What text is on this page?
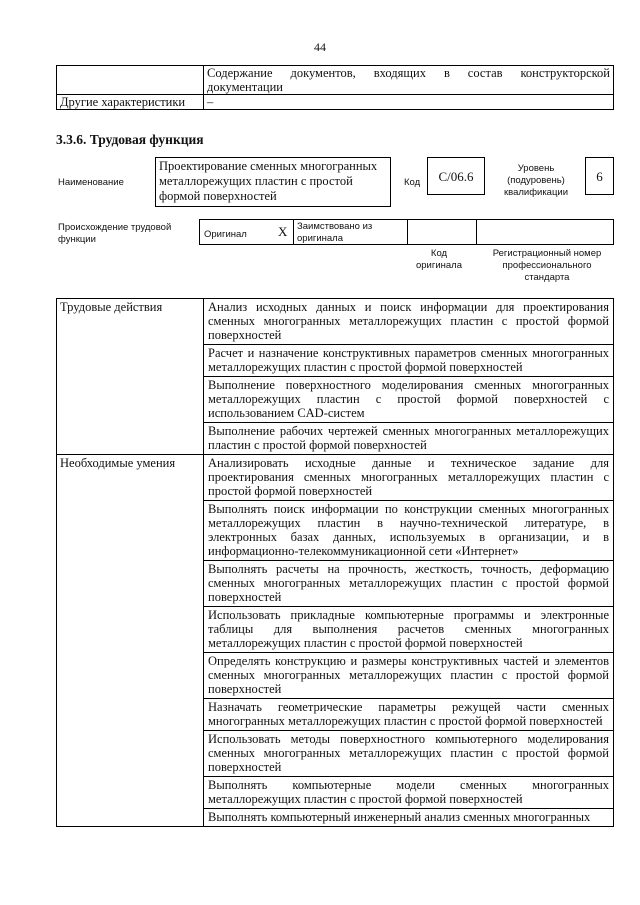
44
	Содержание документов, входящих в состав конструкторской документации
Другие характеристики	–
3.3.6. Трудовая функция
Наименование
Проектирование сменных многогранных металлорежущих пластин с простой формой поверхностей
Код	C/06.6
Уровень (подуровень) квалификации
6
Происхождение трудовой функции	Оригинал X Заимствовано из оригинала
Код оригинала
Регистрационный номер профессионального стандарта
Трудовые действия	Анализ исходных данных и поиск информации для проектирования сменных многогранных металлорежущих пластин с простой формой поверхностей
	Расчет и назначение конструктивных параметров сменных многогранных металлорежущих пластин с простой формой поверхностей
	Выполнение поверхностного моделирования сменных многогранных металлорежущих пластин с простой формой поверхностей с использованием CAD-систем
	Выполнение рабочих чертежей сменных многогранных металлорежущих пластин с простой формой поверхностей
Необходимые умения	Анализировать исходные данные и техническое задание для проектирования сменных многогранных металлорежущих пластин с простой формой поверхностей
	Выполнять поиск информации по конструкции сменных многогранных металлорежущих пластин в научно-технической литературе, в электронных базах данных, используемых в организации, и в информационно-телекоммуникационной сети «Интернет»
	Выполнять расчеты на прочность, жесткость, точность, деформацию сменных многогранных металлорежущих пластин с простой формой поверхностей
	Использовать прикладные компьютерные программы и электронные таблицы для выполнения расчетов сменных многогранных металлорежущих пластин с простой формой поверхностей
	Определять конструкцию и размеры конструктивных частей и элементов сменных многогранных металлорежущих пластин с простой формой поверхностей
	Назначать геометрические параметры режущей части сменных многогранных металлорежущих пластин с простой формой поверхностей
	Использовать методы поверхностного компьютерного моделирования сменных многогранных металлорежущих пластин с простой формой поверхностей
	Выполнять компьютерные модели сменных многогранных металлорежущих пластин с простой формой поверхностей
	Выполнять компьютерный инженерный анализ сменных многогранных
